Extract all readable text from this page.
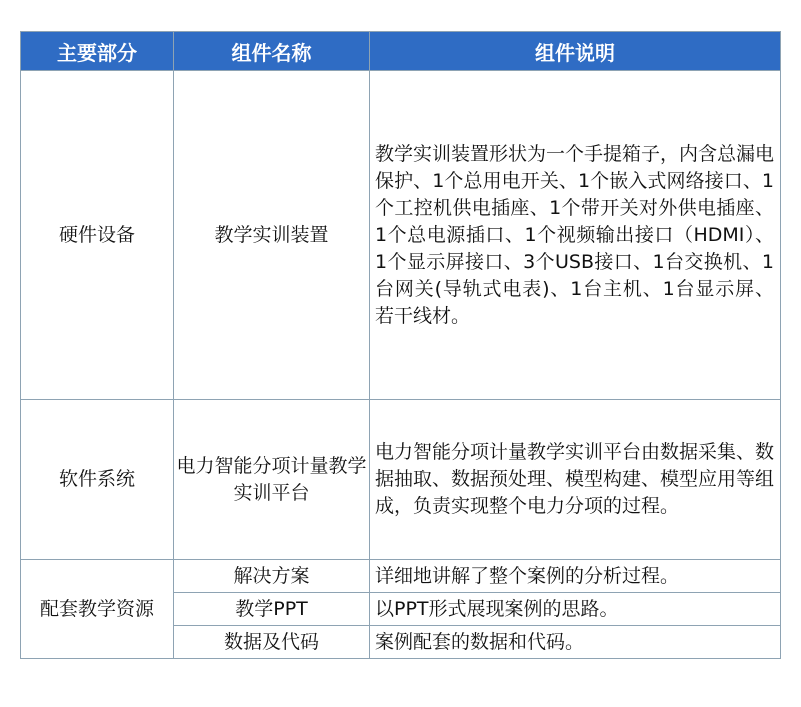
主要部分	组件名称	组件说明
硬件设备	教学实训装置	教学实训装置形状为一个手提箱子，内含总漏电保护、1个总用电开关、1个嵌入式网络接口、1个工控机供电插座、1个带开关对外供电插座、1个总电源插口、1个视频输出接口（HDMI）、1个显示屏接口、3个USB接口、1台交换机、1台网关(导轨式电表)、1台主机、1台显示屏、若干线材。
软件系统	电力智能分项计量教学实训平台	电力智能分项计量教学实训平台由数据采集、数据抽取、数据预处理、模型构建、模型应用等组成，负责实现整个电力分项的过程。
配套教学资源	解决方案	详细地讲解了整个案例的分析过程。
	教学PPT	以PPT形式展现案例的思路。
	数据及代码	案例配套的数据和代码。
